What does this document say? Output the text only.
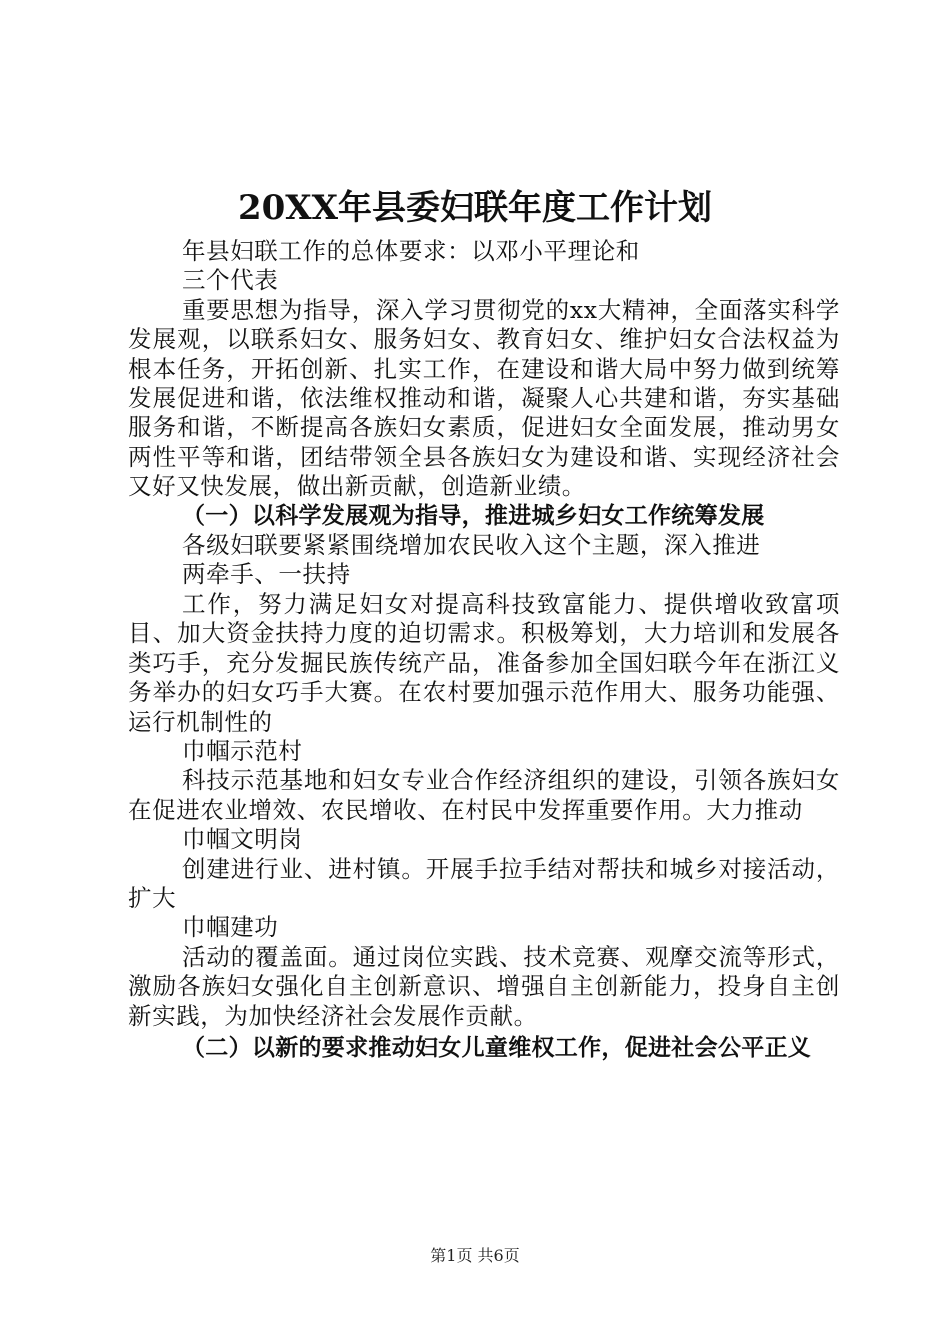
20XX年县委妇联年度工作计划

年县妇联工作的总体要求：以邓小平理论和

三个代表

重要思想为指导，深入学习贯彻党的xx大精神，全面落实科学发展观，以联系妇女、服务妇女、教育妇女、维护妇女合法权益为根本任务，开拓创新、扎实工作，在建设和谐大局中努力做到统筹发展促进和谐，依法维权推动和谐，凝聚人心共建和谐，夯实基础服务和谐，不断提高各族妇女素质，促进妇女全面发展，推动男女两性平等和谐，团结带领全县各族妇女为建设和谐、实现经济社会又好又快发展，做出新贡献，创造新业绩。

（一）以科学发展观为指导，推进城乡妇女工作统筹发展

各级妇联要紧紧围绕增加农民收入这个主题，深入推进

两牵手、一扶持

工作，努力满足妇女对提高科技致富能力、提供增收致富项目、加大资金扶持力度的迫切需求。积极筹划，大力培训和发展各类巧手，充分发掘民族传统产品，准备参加全国妇联今年在浙江义务举办的妇女巧手大赛。在农村要加强示范作用大、服务功能强、运行机制性的

巾帼示范村

科技示范基地和妇女专业合作经济组织的建设，引领各族妇女在促进农业增效、农民增收、在村民中发挥重要作用。大力推动

巾帼文明岗

创建进行业、进村镇。开展手拉手结对帮扶和城乡对接活动，扩大

巾帼建功

活动的覆盖面。通过岗位实践、技术竞赛、观摩交流等形式，激励各族妇女强化自主创新意识、增强自主创新能力，投身自主创新实践，为加快经济社会发展作贡献。

（二）以新的要求推动妇女儿童维权工作，促进社会公平正义

第1页 共6页
